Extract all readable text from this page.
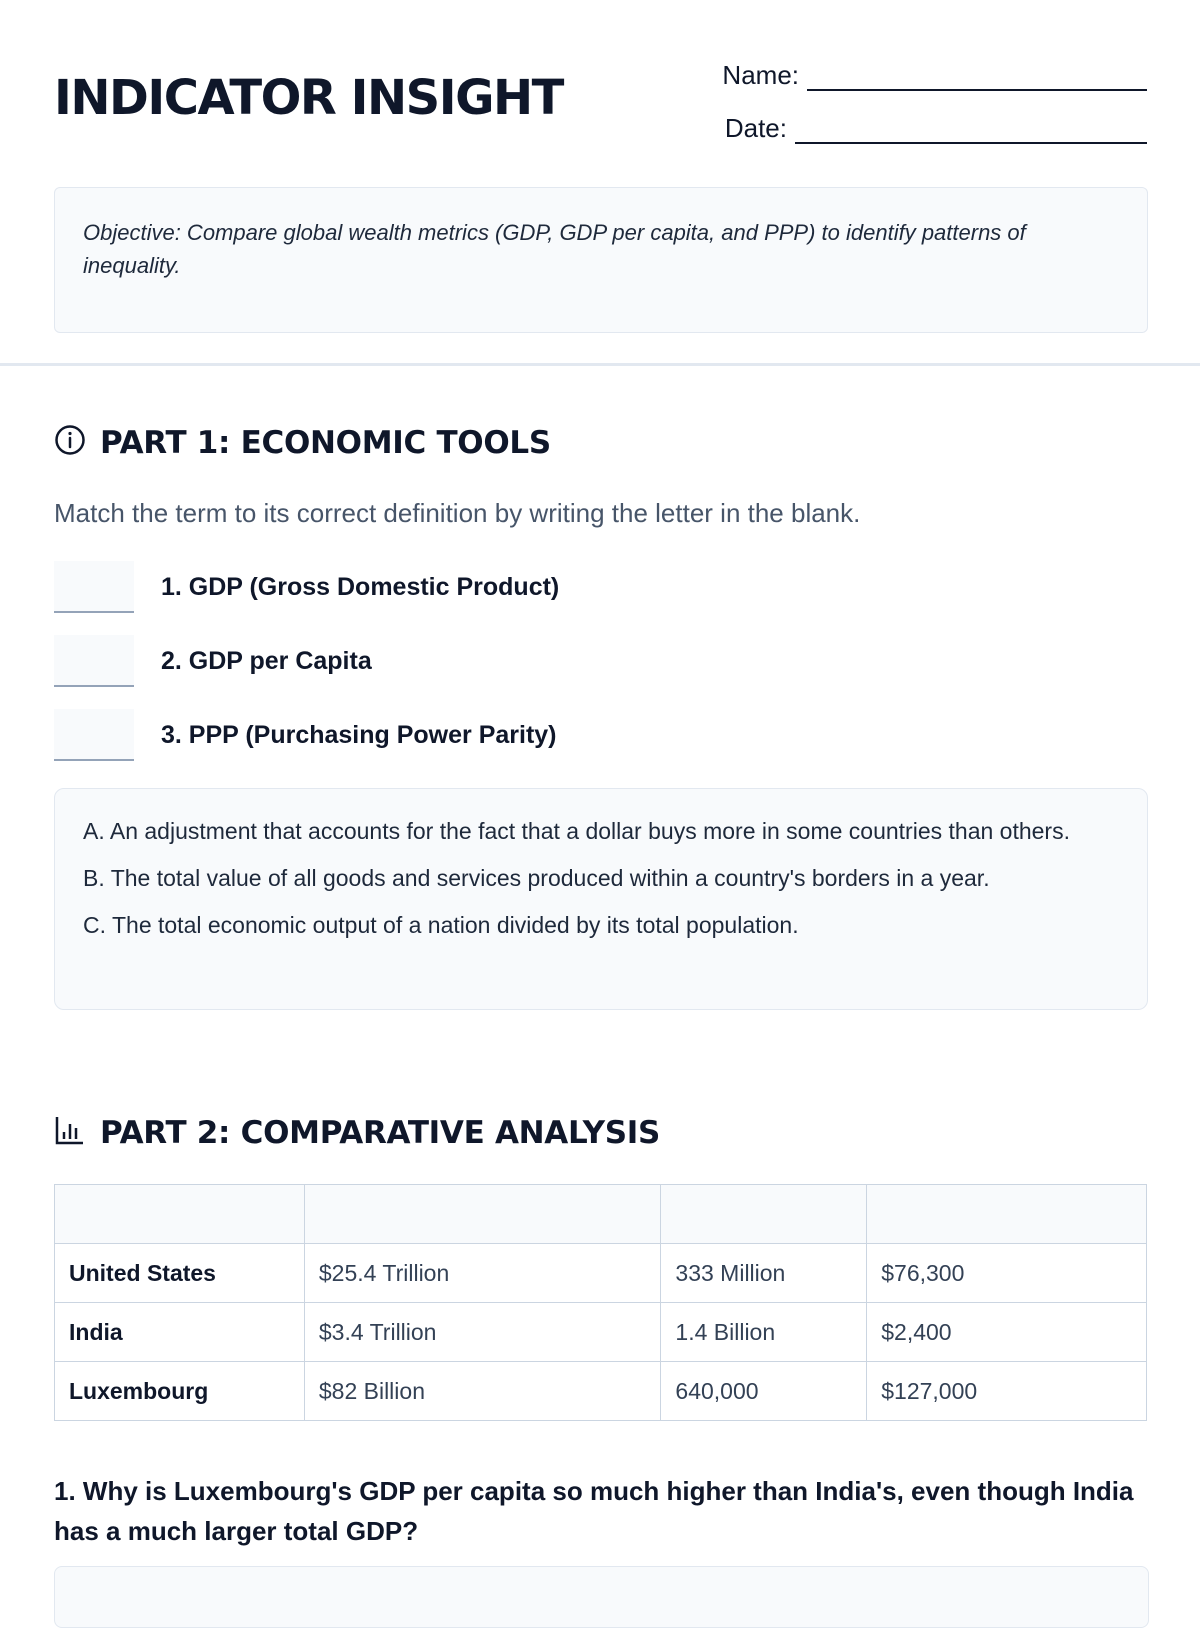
INDICATOR INSIGHT	Name:
Date:
Objective: Compare global wealth metrics (GDP, GDP per capita, and PPP) to identify patterns of inequality.
PART 1: ECONOMIC TOOLS
Match the term to its correct definition by writing the letter in the blank.
1. GDP (Gross Domestic Product)
2. GDP per Capita
3. PPP (Purchasing Power Parity)

A. An adjustment that accounts for the fact that a dollar buys more in some countries than others.

B. The total value of all goods and services produced within a country's borders in a year.

C. The total economic output of a nation divided by its total population.

PART 2: COMPARATIVE ANALYSIS

United States	$25.4 Trillion	333 Million	$76,300
India	$3.4 Trillion	1.4 Billion	$2,400
Luxembourg	$82 Billion	640,000	$127,000
1. Why is Luxembourg's GDP per capita so much higher than India's, even though India has a much larger total GDP?
